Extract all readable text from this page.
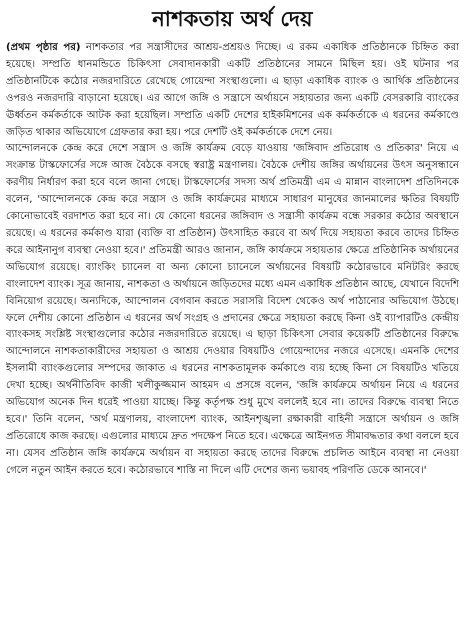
নাশকতায় অর্থ দেয়

(প্রথম পৃষ্ঠার পর) নাশকতার পর সন্ত্রাসীদের আশ্রয়-প্রশ্রয়ও দিচ্ছে। এ রকম একাধিক প্রতিষ্ঠানকে চিহ্নিত করা হয়েছে। সম্প্রতি ধানমন্ডিতে চিকিৎসা সেবাদানকারী একটি প্রতিষ্ঠানের সামনে মিছিল হয়। ওই ঘটনার পর প্রতিষ্ঠানটিকে কঠোর নজরদারিতে রেখেছে গোয়েন্দা সংস্থাগুলো। এ ছাড়া একাধিক ব্যাংক ও আর্থিক প্রতিষ্ঠানের ওপরও নজরদারি বাড়ানো হয়েছে। এর আগে জঙ্গি ও সন্ত্রাসে অর্থায়নে সহায়তার জন্য একটি বেসরকারি ব্যাংকের ঊর্ধ্বতন কর্মকর্তাকে আটক করা হয়েছিল। সম্প্রতি একটি দেশের হাইকমিশনের এক কর্মকর্তাকে এ ধরনের কর্মকাণ্ডে জড়িত থাকার অভিযোগে গ্রেফতার করা হয়। পরে দেশটি ওই কর্মকর্তাকে দেশে নেয়।

আন্দোলনকে কেন্দ্র করে দেশে সন্ত্রাস ও জঙ্গি কার্যক্রম বেড়ে যাওয়ায় 'জঙ্গিবাদ প্রতিরোধ ও প্রতিকার' নিয়ে এ সংক্রান্ত টাস্কফোর্সের সঙ্গে আজ বৈঠকে বসছে স্বরাষ্ট্র মন্ত্রণালয়। বৈঠকে দেশীয় জঙ্গির অর্থায়নের উৎস অনুসন্ধানে করণীয় নির্ধারণ করা হবে বলে জানা গেছে। টাস্কফোর্সের সদস্য অর্থ প্রতিমন্ত্রী এম এ মান্নান বাংলাদেশ প্রতিদিনকে বলেন, 'আন্দোলনকে কেন্দ্র করে সন্ত্রাস ও জঙ্গি কার্যক্রমের মাধ্যমে সাধারণ মানুষের জানমালের ক্ষতির বিষয়টি কোনোভাবেই বরদাশত করা হবে না। যে কোনো ধরনের জঙ্গিবাদ ও সন্ত্রাসী কার্যক্রম বন্ধে সরকার কঠোর অবস্থানে রয়েছে। এ ধরনের কর্মকাণ্ড যারা (ব্যক্তি বা প্রতিষ্ঠান) উৎসাহিত করবে বা অর্থ দিয়ে সহায়তা করবে তাদের চিহ্নিত করে আইনানুগ ব্যবস্থা নেওয়া হবে।' প্রতিমন্ত্রী আরও জানান, জঙ্গি কার্যক্রমে সহায়তার ক্ষেত্রে প্রতিষ্ঠানিক অর্থায়নের অভিযোগ রয়েছে। ব্যাংকিং চ্যানেল বা অন্য কোনো চ্যানেলে অর্থায়নের বিষয়টি কঠোরভাবে মনিটরিং করছে বাংলাদেশ ব্যাংক। সূত্র জানায়, নাশকতা ও অর্থায়নে জড়িতদের মধ্যে এমন একাধিক প্রতিষ্ঠান আছে, যেখানে বিদেশি বিনিয়োগ রয়েছে। অন্যদিকে, আন্দোলন বেগবান করতে সরাসরি বিদেশ থেকেও অর্থ পাঠানোর অভিযোগ উঠছে। ফলে দেশীয় কোনো প্রতিষ্ঠান এ ধরনের অর্থ সংগ্রহ ও প্রদানের ক্ষেত্রে সহায়তা করছে কিনা ওই ব্যাপারটিও কেন্দ্রীয় ব্যাংকসহ সংশ্লিষ্ট সংস্থাগুলোর কঠোর নজরদারিতে রয়েছে। এ ছাড়া চিকিৎসা সেবার কয়েকটি প্রতিষ্ঠানের বিরুদ্ধে আন্দোলনে নাশকতাকারীদের সহায়তা ও আশ্রয় দেওয়ার বিষয়টিও গোয়েন্দাদের নজরে এসেছে। এমনকি দেশের ইসলামী ব্যাংকগুলোর সম্পদের জাকাত এ ধরনের নাশকতামূলক কর্মকাণ্ডে ব্যয় হচ্ছে কিনা সে বিষয়টিও খতিয়ে দেখা হচ্ছে। অর্থনীতিবিদ কাজী খলীকুজ্জমান আহমদ এ প্রসঙ্গে বলেন, 'জঙ্গি কার্যক্রমে অর্থায়ন নিয়ে এ ধরনের অভিযোগ অনেক দিন ধরেই পাওয়া যাচ্ছে। কিন্তু কর্তৃপক্ষ শুধু মুখে বললেই হবে না। তাদের বিরুদ্ধে ব্যবস্থা নিতে হবে।' তিনি বলেন, 'অর্থ মন্ত্রণালয়, বাংলাদেশ ব্যাংক, আইনশৃঙ্খলা রক্ষাকারী বাহিনী সন্ত্রাসে অর্থায়ন ও জঙ্গি প্রতিরোধে কাজ করছে। এগুলোর মাধ্যমে দ্রুত পদক্ষেপ নিতে হবে। এক্ষেত্রে আইনগত সীমাবদ্ধতার কথা বললে হবে না। যেসব প্রতিষ্ঠান জঙ্গি কার্যক্রমে অর্থায়ন বা সহায়তা করছে তাদের বিরুদ্ধে প্রচলিত আইনে ব্যবস্থা না নেওয়া গেলে নতুন আইন করতে হবে। কঠোরভাবে শাস্তি না দিলে এটি দেশের জন্য ভয়াবহ পরিণতি ডেকে আনবে।'
